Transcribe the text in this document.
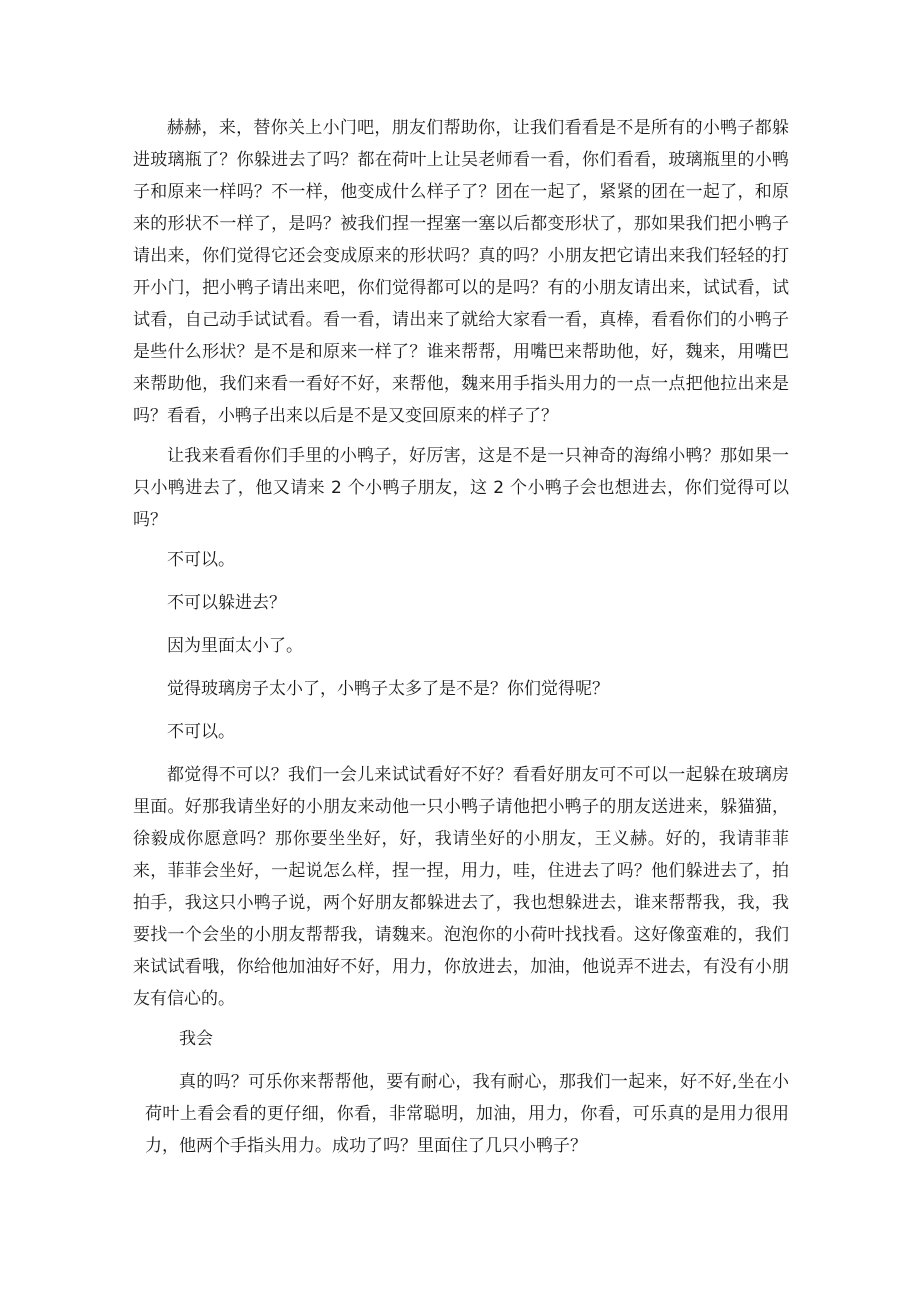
赫赫，来，替你关上小门吧，朋友们帮助你，让我们看看是不是所有的小鸭子都躲进玻璃瓶了？你躲进去了吗？都在荷叶上让吴老师看一看，你们看看，玻璃瓶里的小鸭子和原来一样吗？不一样，他变成什么样子了？团在一起了，紧紧的团在一起了，和原来的形状不一样了，是吗？被我们捏一捏塞一塞以后都变形状了，那如果我们把小鸭子请出来，你们觉得它还会变成原来的形状吗？真的吗？小朋友把它请出来我们轻轻的打开小门，把小鸭子请出来吧，你们觉得都可以的是吗？有的小朋友请出来，试试看，试试看，自己动手试试看。看一看，请出来了就给大家看一看，真棒，看看你们的小鸭子是些什么形状？是不是和原来一样了？谁来帮帮，用嘴巴来帮助他，好，魏来，用嘴巴来帮助他，我们来看一看好不好，来帮他，魏来用手指头用力的一点一点把他拉出来是吗？看看，小鸭子出来以后是不是又变回原来的样子了？

让我来看看你们手里的小鸭子，好厉害，这是不是一只神奇的海绵小鸭？那如果一只小鸭进去了，他又请来 2 个小鸭子朋友，这 2 个小鸭子会也想进去，你们觉得可以吗？

不可以。

不可以躲进去？

因为里面太小了。

觉得玻璃房子太小了，小鸭子太多了是不是？你们觉得呢？

不可以。

都觉得不可以？我们一会儿来试试看好不好？看看好朋友可不可以一起躲在玻璃房里面。好那我请坐好的小朋友来动他一只小鸭子请他把小鸭子的朋友送进来，躲猫猫，徐毅成你愿意吗？那你要坐坐好，好，我请坐好的小朋友，王义赫。好的，我请菲菲来，菲菲会坐好，一起说怎么样，捏一捏，用力，哇，住进去了吗？他们躲进去了，拍拍手，我这只小鸭子说，两个好朋友都躲进去了，我也想躲进去，谁来帮帮我，我，我要找一个会坐的小朋友帮帮我，请魏来。泡泡你的小荷叶找找看。这好像蛮难的，我们来试试看哦，你给他加油好不好，用力，你放进去，加油，他说弄不进去，有没有小朋友有信心的。

我会

真的吗？可乐你来帮帮他，要有耐心，我有耐心，那我们一起来，好不好,坐在小荷叶上看会看的更仔细，你看，非常聪明，加油，用力，你看，可乐真的是用力很用力，他两个手指头用力。成功了吗？里面住了几只小鸭子？
